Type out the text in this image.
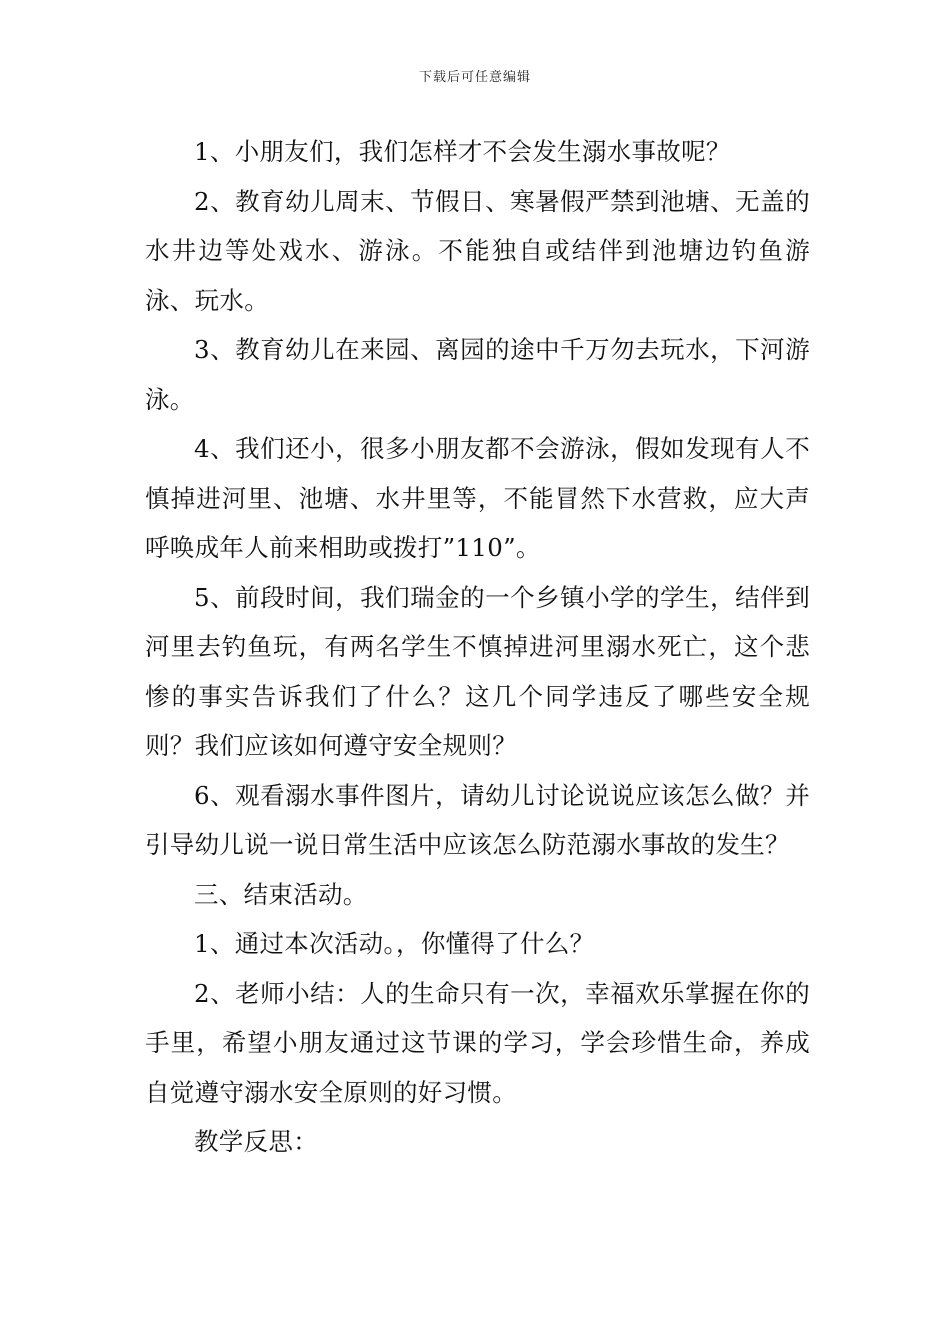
下载后可任意编辑

1、小朋友们，我们怎样才不会发生溺水事故呢？

2、教育幼儿周末、节假日、寒暑假严禁到池塘、无盖的水井边等处戏水、游泳。不能独自或结伴到池塘边钓鱼游泳、玩水。

3、教育幼儿在来园、离园的途中千万勿去玩水，下河游泳。

4、我们还小，很多小朋友都不会游泳，假如发现有人不慎掉进河里、池塘、水井里等，不能冒然下水营救，应大声呼唤成年人前来相助或拨打”110”。

5、前段时间，我们瑞金的一个乡镇小学的学生，结伴到河里去钓鱼玩，有两名学生不慎掉进河里溺水死亡，这个悲惨的事实告诉我们了什么？这几个同学违反了哪些安全规则？我们应该如何遵守安全规则？

6、观看溺水事件图片，请幼儿讨论说说应该怎么做？并引导幼儿说一说日常生活中应该怎么防范溺水事故的发生？

三、结束活动。

1、通过本次活动。，你懂得了什么？

2、老师小结：人的生命只有一次，幸福欢乐掌握在你的手里，希望小朋友通过这节课的学习，学会珍惜生命，养成自觉遵守溺水安全原则的好习惯。

教学反思：
